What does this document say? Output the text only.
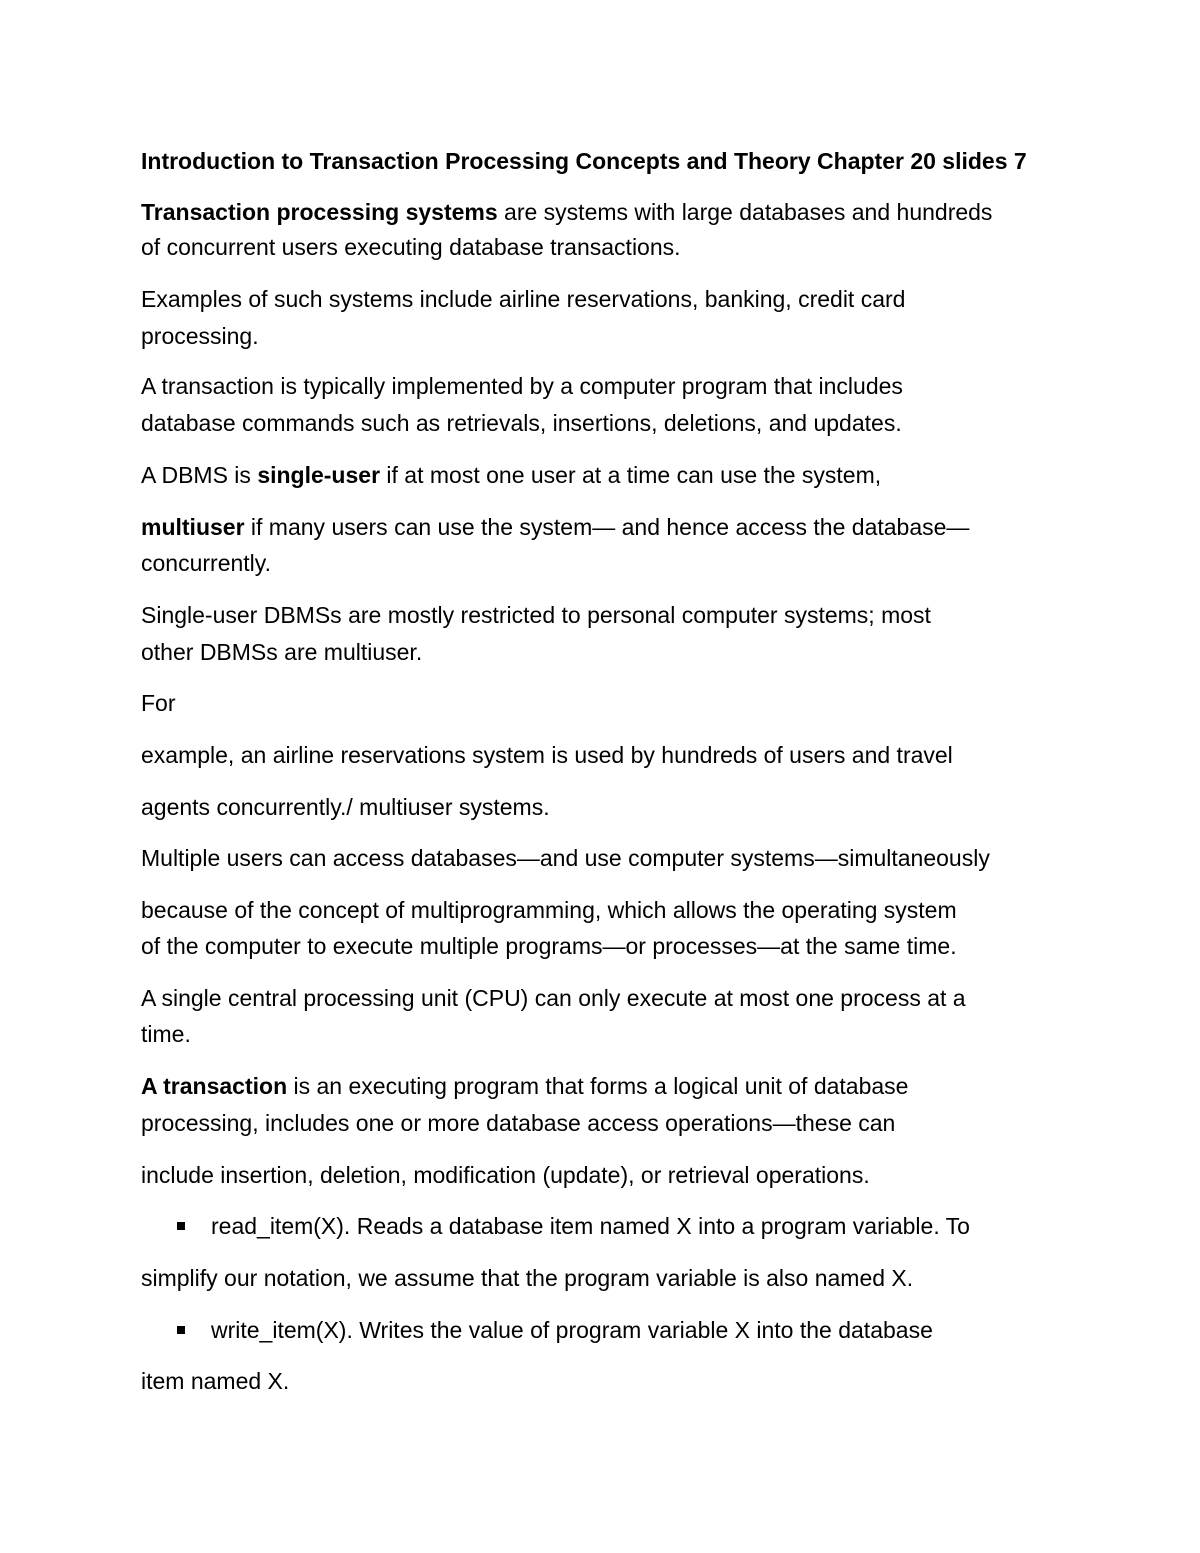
Introduction to Transaction Processing Concepts and Theory Chapter 20 slides 7
Transaction processing systems are systems with large databases and hundreds
of concurrent users executing database transactions.
Examples of such systems include airline reservations, banking, credit card
processing.
A transaction is typically implemented by a computer program that includes
database commands such as retrievals, insertions, deletions, and updates.
A DBMS is single-user if at most one user at a time can use the system,
multiuser if many users can use the system— and hence access the database—
concurrently.
Single-user DBMSs are mostly restricted to personal computer systems; most
other DBMSs are multiuser.
For
example, an airline reservations system is used by hundreds of users and travel
agents concurrently./ multiuser systems.
Multiple users can access databases—and use computer systems—simultaneously
because of the concept of multiprogramming, which allows the operating system
of the computer to execute multiple programs—or processes—at the same time.
A single central processing unit (CPU) can only execute at most one process at a
time.
A transaction is an executing program that forms a logical unit of database
processing, includes one or more database access operations—these can
include insertion, deletion, modification (update), or retrieval operations.
read_item(X). Reads a database item named X into a program variable. To
simplify our notation, we assume that the program variable is also named X.
write_item(X). Writes the value of program variable X into the database
item named X.
